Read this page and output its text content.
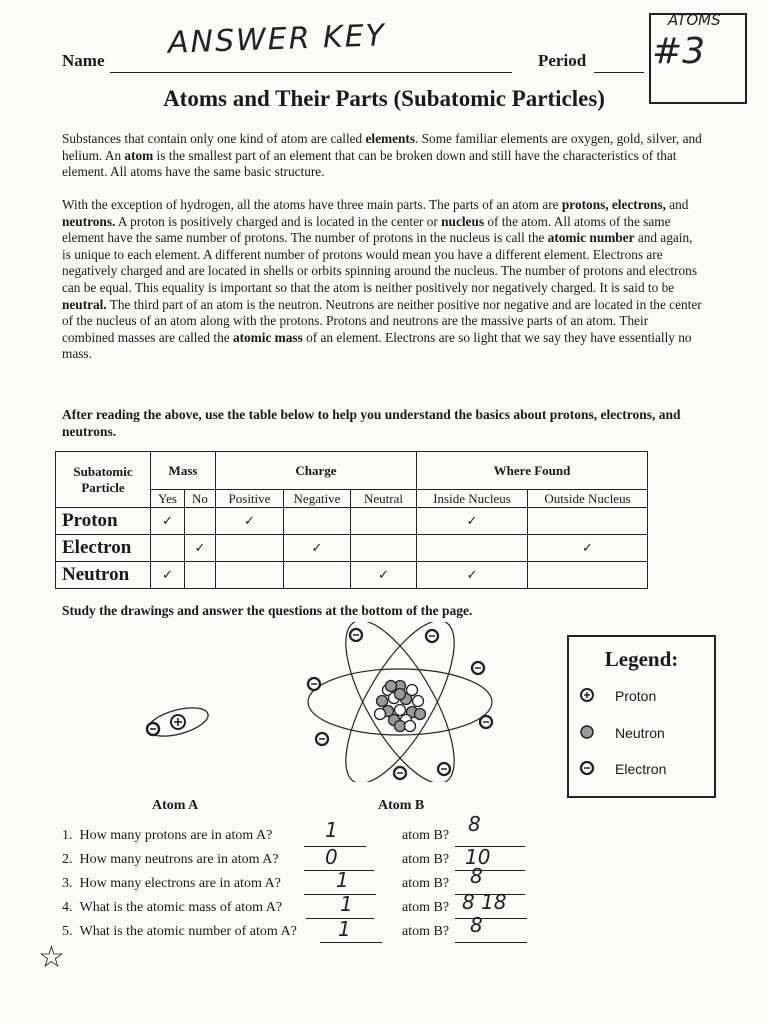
Name ANSWER KEY	Period
ATOMS
#3
Atoms and Their Parts (Subatomic Particles)
Substances that contain only one kind of atom are called elements. Some familiar elements are oxygen, gold, silver, and helium. An atom is the smallest part of an element that can be broken down and still have the characteristics of that element. All atoms have the same basic structure.
With the exception of hydrogen, all the atoms have three main parts. The parts of an atom are protons, electrons, and neutrons. A proton is positively charged and is located in the center or nucleus of the atom. All atoms of the same element have the same number of protons. The number of protons in the nucleus is call the atomic number and again, is unique to each element. A different number of protons would mean you have a different element. Electrons are negatively charged and are located in shells or orbits spinning around the nucleus. The number of protons and electrons can be equal. This equality is important so that the atom is neither positively nor negatively charged. It is said to be neutral. The third part of an atom is the neutron. Neutrons are neither positive nor negative and are located in the center of the nucleus of an atom along with the protons. Protons and neutrons are the massive parts of an atom. Their combined masses are called the atomic mass of an element. Electrons are so light that we say they have essentially no mass.
After reading the above, use the table below to help you understand the basics about protons, electrons, and neutrons.
Subatomic Particle	Mass		Charge			Where Found	
	Yes	No	Positive	Negative	Neutral	Inside Nucleus	Outside Nucleus
Proton	✓		✓			✓	
Electron		✓		✓			✓
Neutron	✓				✓	✓	
Study the drawings and answer the questions at the bottom of the page.
Legend:
Proton
Neutron
Electron
Atom A	Atom B
1. How many protons are in atom A?	1	atom B? 8
2. How many neutrons are in atom A? 0	atom B? 10
3. How many electrons are in atom A?	1	atom B? 8
4. What is the atomic mass of atom A?	1	atom B? 8 18
5. What is the atomic number of atom A? 1	atom B? 8
☆
